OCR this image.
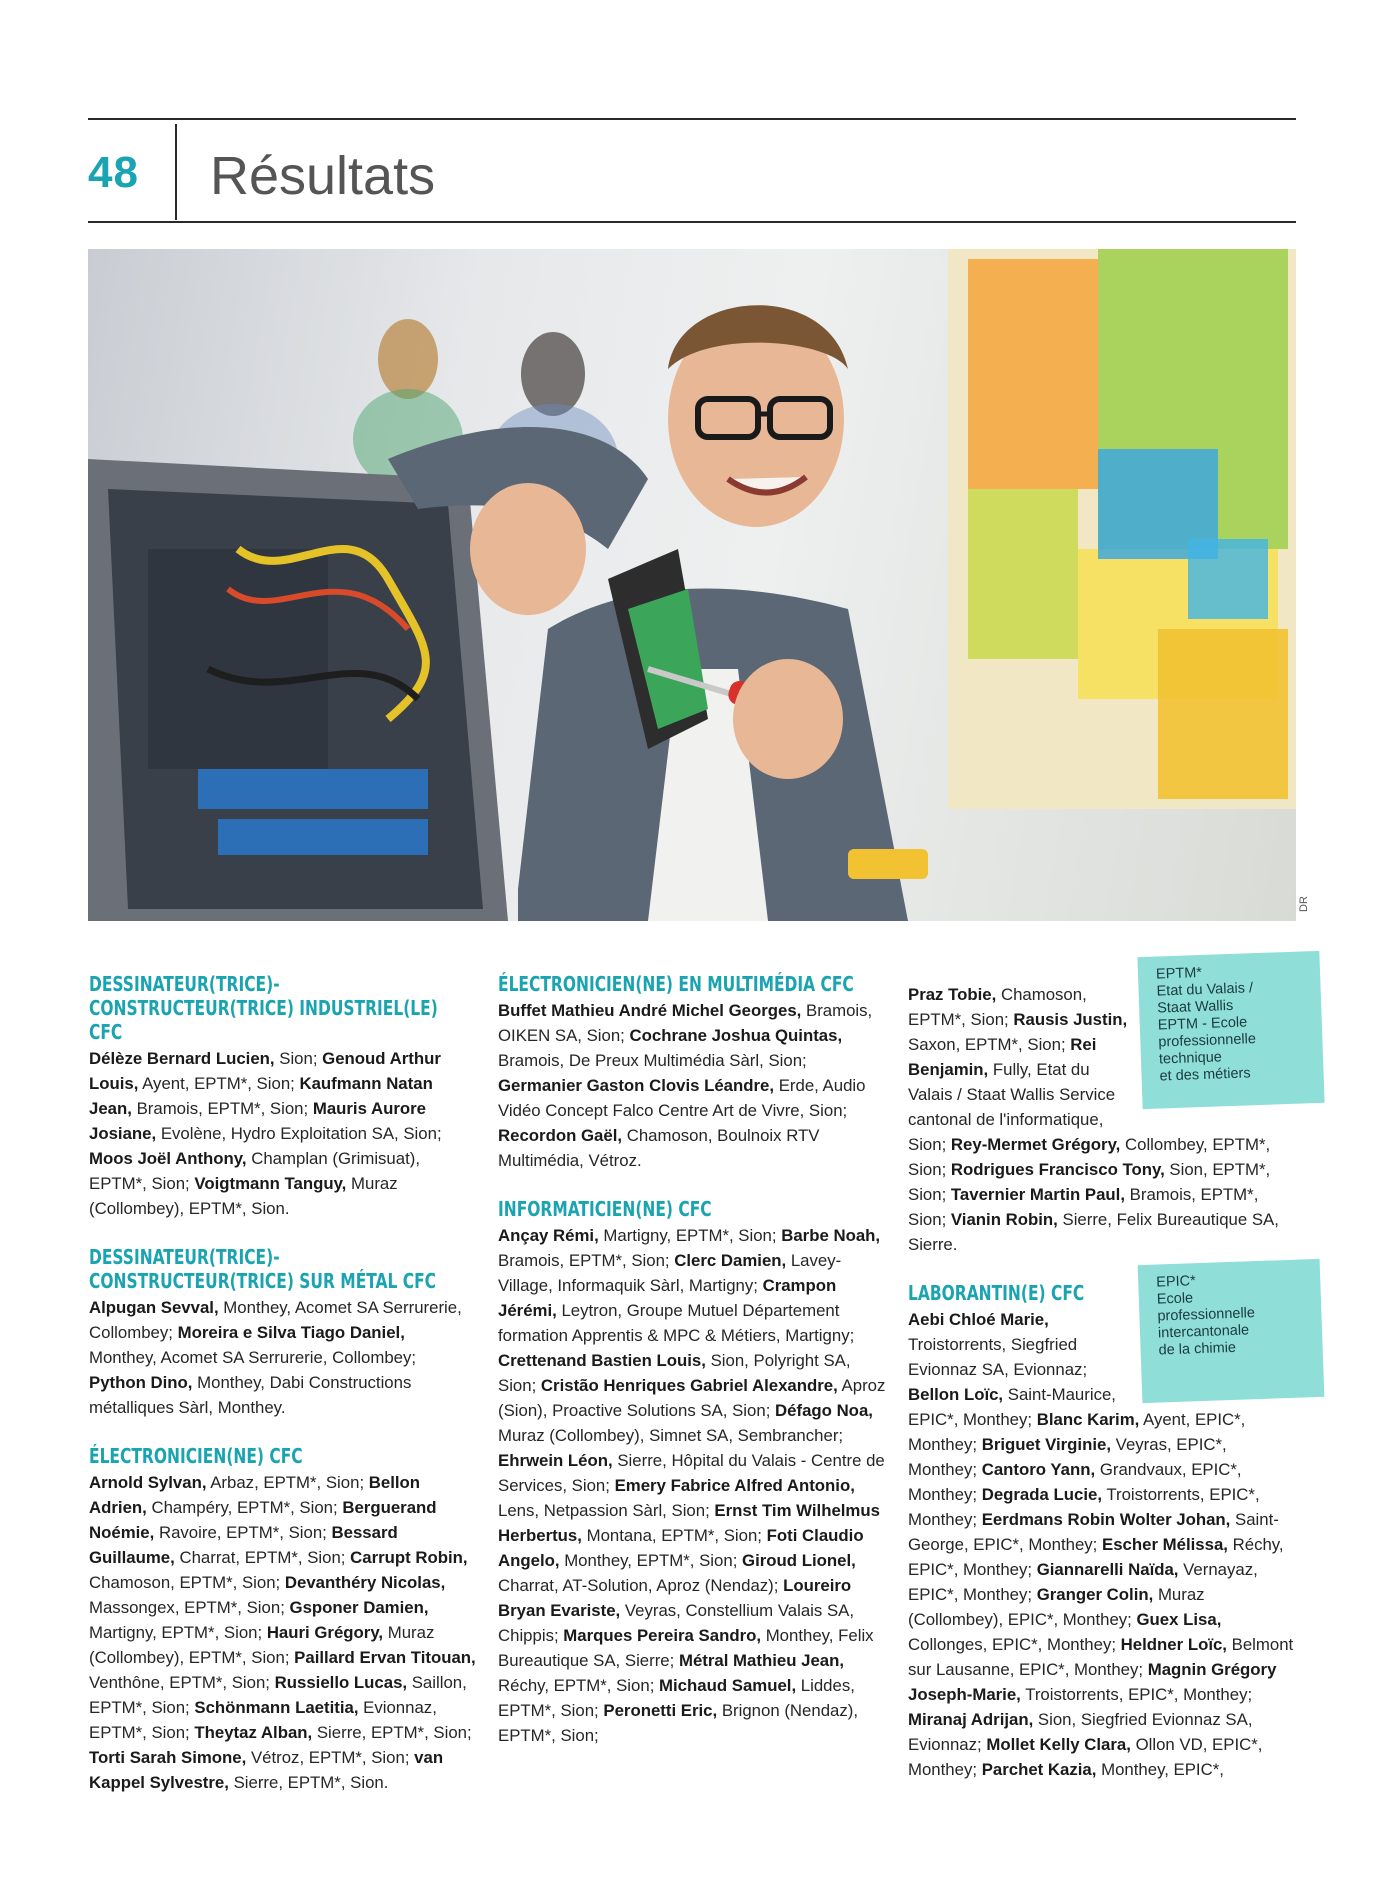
48 Résultats
DR
DESSINATEUR(TRICE)-CONSTRUCTEUR(TRICE) INDUSTRIEL(LE) CFC

Délèze Bernard Lucien, Sion; Genoud Arthur Louis, Ayent, EPTM*, Sion; Kaufmann Natan Jean, Bramois, EPTM*, Sion; Mauris Aurore Josiane, Evolène, Hydro Exploitation SA, Sion; Moos Joël Anthony, Champlan (Grimisuat), EPTM*, Sion; Voigtmann Tanguy, Muraz (Collombey), EPTM*, Sion.

DESSINATEUR(TRICE)-CONSTRUCTEUR(TRICE) SUR MÉTAL CFC

Alpugan Sevval, Monthey, Acomet SA Serrurerie, Collombey; Moreira e Silva Tiago Daniel, Monthey, Acomet SA Serrurerie, Collombey; Python Dino, Monthey, Dabi Constructions métalliques Sàrl, Monthey.

ÉLECTRONICIEN(NE) CFC

Arnold Sylvan, Arbaz, EPTM*, Sion; Bellon Adrien, Champéry, EPTM*, Sion; Berguerand Noémie, Ravoire, EPTM*, Sion; Bessard Guillaume, Charrat, EPTM*, Sion; Carrupt Robin, Chamoson, EPTM*, Sion; Devanthéry Nicolas, Massongex, EPTM*, Sion; Gsponer Damien, Martigny, EPTM*, Sion; Hauri Grégory, Muraz (Collombey), EPTM*, Sion; Paillard Ervan Titouan, Venthône, EPTM*, Sion; Russiello Lucas, Saillon, EPTM*, Sion; Schönmann Laetitia, Evionnaz, EPTM*, Sion; Theytaz Alban, Sierre, EPTM*, Sion; Torti Sarah Simone, Vétroz, EPTM*, Sion; van Kappel Sylvestre, Sierre, EPTM*, Sion.

ÉLECTRONICIEN(NE) EN MULTIMÉDIA CFC

Buffet Mathieu André Michel Georges, Bramois, OIKEN SA, Sion; Cochrane Joshua Quintas, Bramois, De Preux Multimédia Sàrl, Sion; Germanier Gaston Clovis Léandre, Erde, Audio Vidéo Concept Falco Centre Art de Vivre, Sion; Recordon Gaël, Chamoson, Boulnoix RTV Multimédia, Vétroz.

INFORMATICIEN(NE) CFC

Ançay Rémi, Martigny, EPTM*, Sion; Barbe Noah, Bramois, EPTM*, Sion; Clerc Damien, Lavey-Village, Informaquik Sàrl, Martigny; Crampon Jérémi, Leytron, Groupe Mutuel Département formation Apprentis & MPC & Métiers, Martigny; Crettenand Bastien Louis, Sion, Polyright SA, Sion; Cristão Henriques Gabriel Alexandre, Aproz (Sion), Proactive Solutions SA, Sion; Défago Noa, Muraz (Collombey), Simnet SA, Sembrancher; Ehrwein Léon, Sierre, Hôpital du Valais - Centre de Services, Sion; Emery Fabrice Alfred Antonio, Lens, Netpassion Sàrl, Sion; Ernst Tim Wilhelmus Herbertus, Montana, EPTM*, Sion; Foti Claudio Angelo, Monthey, EPTM*, Sion; Giroud Lionel, Charrat, AT-Solution, Aproz (Nendaz); Loureiro Bryan Evariste, Veyras, Constellium Valais SA, Chippis; Marques Pereira Sandro, Monthey, Felix Bureautique SA, Sierre; Métral Mathieu Jean, Réchy, EPTM*, Sion; Michaud Samuel, Liddes, EPTM*, Sion; Peronetti Eric, Brignon (Nendaz), EPTM*, Sion;

Praz Tobie, Chamoson, EPTM*, Sion; Rausis Justin, Saxon, EPTM*, Sion; Rei Benjamin, Fully, Etat du Valais / Staat Wallis Service cantonal de l'informatique, Sion; Rey-Mermet Grégory, Collombey, EPTM*, Sion; Rodrigues Francisco Tony, Sion, EPTM*, Sion; Tavernier Martin Paul, Bramois, EPTM*, Sion; Vianin Robin, Sierre, Felix Bureautique SA, Sierre.

LABORANTIN(E) CFC

Aebi Chloé Marie, Troistorrents, Siegfried Evionnaz SA, Evionnaz; Bellon Loïc, Saint-Maurice, EPIC*, Monthey; Blanc Karim, Ayent, EPIC*, Monthey; Briguet Virginie, Veyras, EPIC*, Monthey; Cantoro Yann, Grandvaux, EPIC*, Monthey; Degrada Lucie, Troistorrents, EPIC*, Monthey; Eerdmans Robin Wolter Johan, Saint-George, EPIC*, Monthey; Escher Mélissa, Réchy, EPIC*, Monthey; Giannarelli Naïda, Vernayaz, EPIC*, Monthey; Granger Colin, Muraz (Collombey), EPIC*, Monthey; Guex Lisa, Collonges, EPIC*, Monthey; Heldner Loïc, Belmont sur Lausanne, EPIC*, Monthey; Magnin Grégory Joseph-Marie, Troistorrents, EPIC*, Monthey; Miranaj Adrijan, Sion, Siegfried Evionnaz SA, Evionnaz; Mollet Kelly Clara, Ollon VD, EPIC*, Monthey; Parchet Kazia, Monthey, EPIC*,

EPTM*
Etat du Valais /
Staat Wallis
EPTM - Ecole
professionnelle
technique
et des métiers
EPIC*
Ecole
professionnelle
intercantonale
de la chimie
